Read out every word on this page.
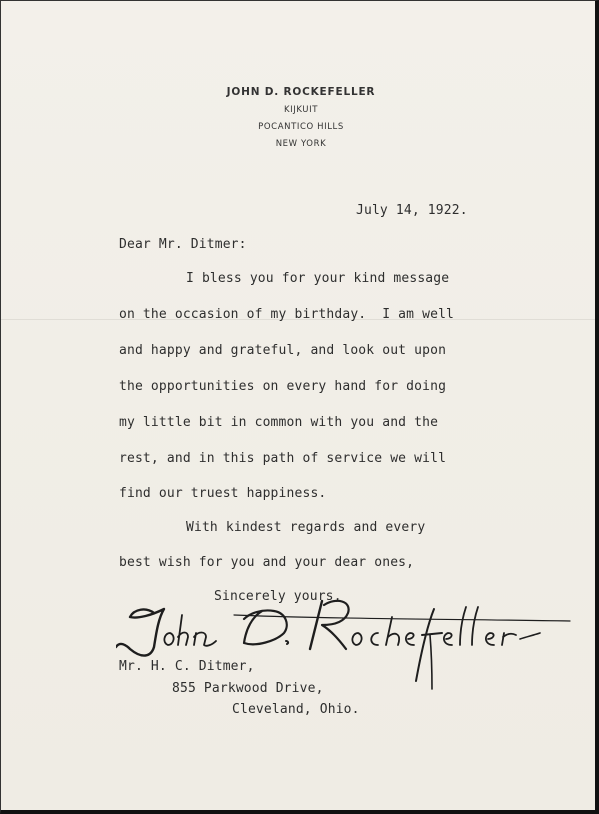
JOHN D. ROCKEFELLER
KIJKUIT
POCANTICO HILLS
NEW YORK
July 14, 1922.
Dear Mr. Ditmer:
I bless you for your kind message
on the occasion of my birthday.  I am well
and happy and grateful, and look out upon
the opportunities on every hand for doing
my little bit in common with you and the
rest, and in this path of service we will
find our truest happiness.
With kindest regards and every
best wish for you and your dear ones,
Sincerely yours,
Mr. H. C. Ditmer,
855 Parkwood Drive,
Cleveland, Ohio.
